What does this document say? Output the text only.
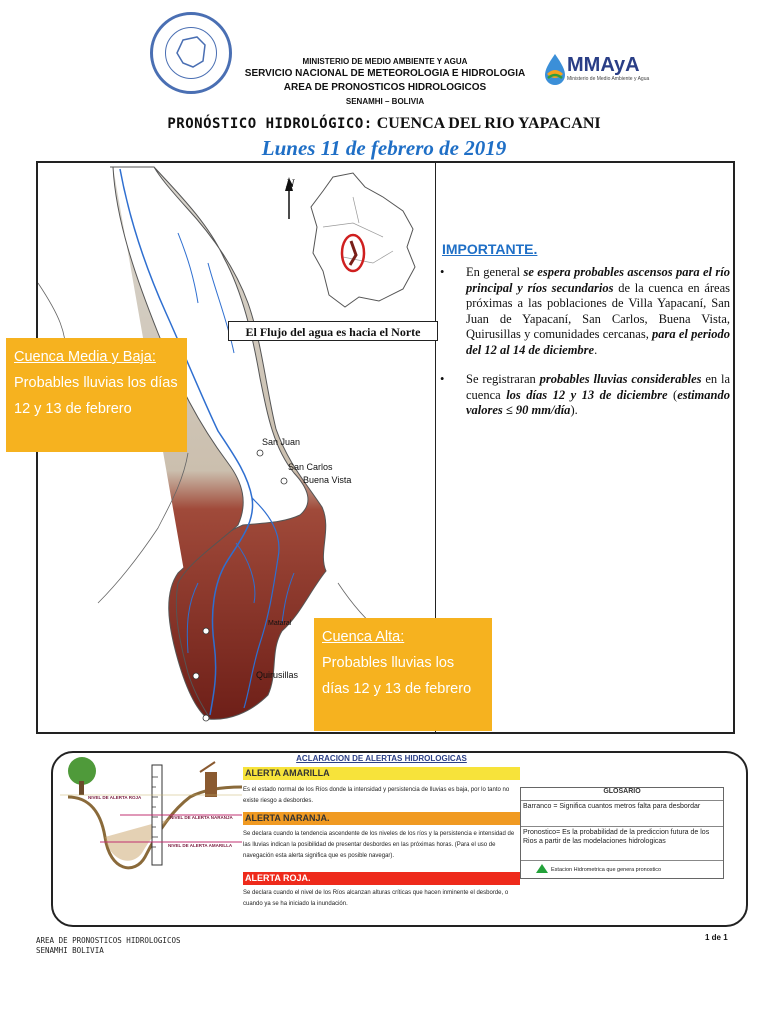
MINISTERIO DE MEDIO AMBIENTE Y AGUA
SERVICIO NACIONAL DE METEOROLOGIA E HIDROLOGIA
AREA DE PRONOSTICOS HIDROLOGICOS
SENAMHI – BOLIVIA
MMAyA
Ministerio de Medio Ambiente y Agua
PRONÓSTICO HIDROLÓGICO: CUENCA DEL RIO YAPACANI
Lunes 11 de febrero de 2019
N
El Flujo del agua es hacia el Norte
San Juan
San Carlos
Buena Vista
Mataral
Quirusillas
Cuenca Media y Baja:
Probables lluvias los días 12 y 13 de febrero
Cuenca Alta:
Probables lluvias los días 12 y 13 de febrero
IMPORTANTE.
• En general se espera probables ascensos para el río principal y ríos secundarios de la cuenca en áreas próximas a las poblaciones de Villa Yapacaní, San Juan de Yapacaní, San Carlos, Buena Vista, Quirusillas y comunidades cercanas, para el periodo del 12 al 14 de diciembre.
• Se registraran probables lluvias considerables en la cuenca los días 12 y 13 de diciembre (estimando valores ≤ 90 mm/día).
NIVEL DE ALERTA ROJA
NIVEL DE ALERTA NARANJA
NIVEL DE ALERTA AMARILLA
ACLARACION DE ALERTAS HIDROLOGICAS
ALERTA AMARILLA
Es el estado normal de los Ríos donde la intensidad y persistencia de lluvias es baja, por lo tanto no existe riesgo a desbordes.
ALERTA NARANJA.
Se declara cuando la tendencia ascendente de los niveles de los ríos y la persistencia e intensidad de las lluvias indican la posibilidad de presentar desbordes en las próximas horas. (Para el uso de navegación esta alerta significa que es posible navegar).
ALERTA ROJA.
Se declara cuando el nivel de los Ríos alcanzan alturas críticas que hacen inminente el desborde, o cuando ya se ha iniciado la inundación.
GLOSARIO
Barranco = Significa cuantos metros falta para desbordar
Pronostico= Es la probabilidad de la prediccion futura de los Rios a partir de las modelaciones hidrologicas
Estacion Hidrometrica que genera pronostico
AREA DE PRONOSTICOS HIDROLOGICOS
SENAMHI BOLIVIA
1 de 1
